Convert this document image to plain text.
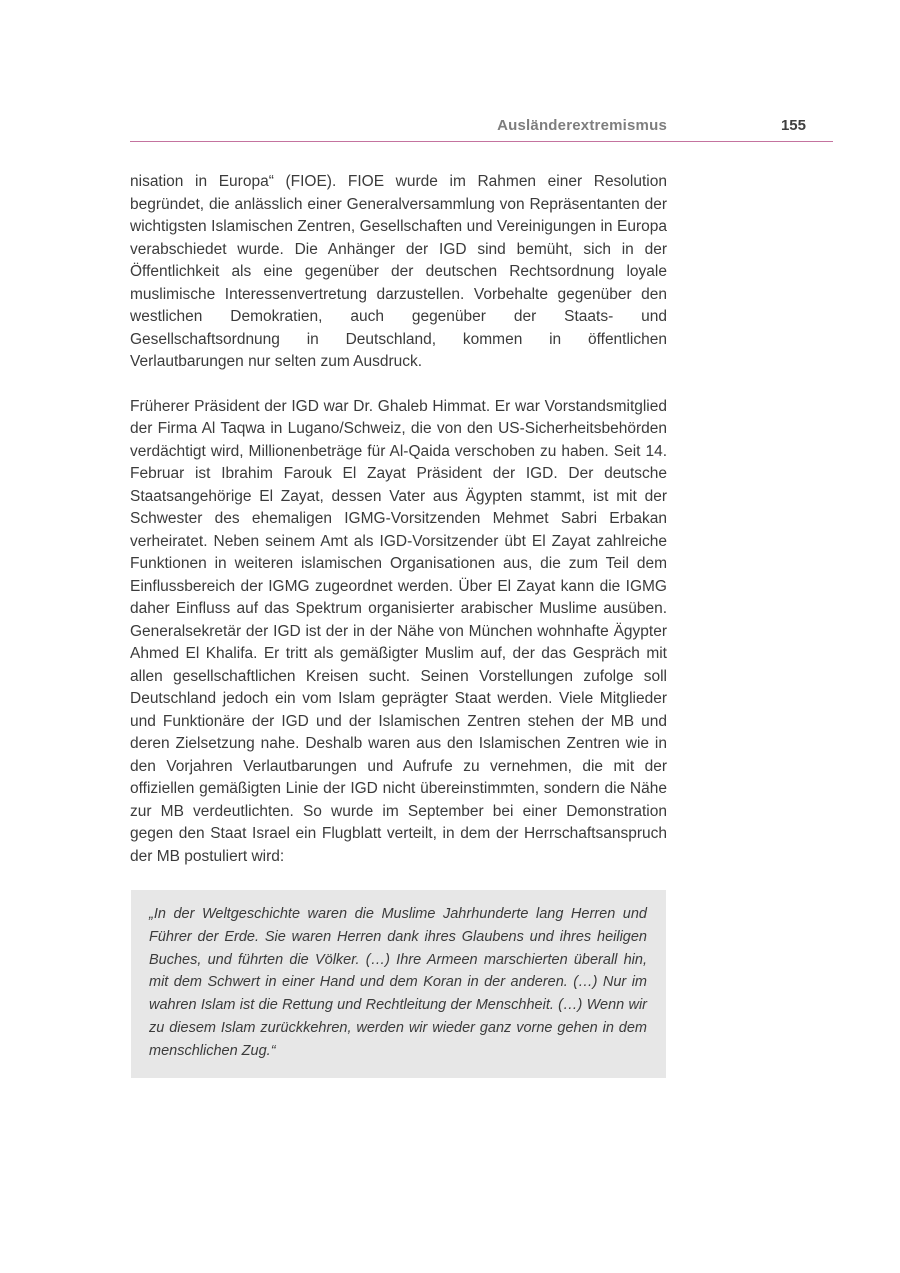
Ausländerextremismus	155

nisation in Europa“ (FIOE). FIOE wurde im Rahmen einer Resolution begründet, die anlässlich einer Generalversammlung von Repräsentanten der wichtigsten Islamischen Zentren, Gesellschaften und Vereinigungen in Europa verabschiedet wurde. Die Anhänger der IGD sind bemüht, sich in der Öffentlichkeit als eine gegenüber der deutschen Rechtsordnung loyale muslimische Interessenvertretung darzustellen. Vorbehalte gegenüber den westlichen Demokratien, auch gegenüber der Staats- und Gesellschaftsordnung in Deutschland, kommen in öffentlichen Verlautbarungen nur selten zum Ausdruck.

Früherer Präsident der IGD war Dr. Ghaleb Himmat. Er war Vorstandsmitglied der Firma Al Taqwa in Lugano/Schweiz, die von den US-Sicherheitsbehörden verdächtigt wird, Millionenbeträge für Al-Qaida verschoben zu haben. Seit 14. Februar ist Ibrahim Farouk El Zayat Präsident der IGD. Der deutsche Staatsangehörige El Zayat, dessen Vater aus Ägypten stammt, ist mit der Schwester des ehemaligen IGMG-Vorsitzenden Mehmet Sabri Erbakan verheiratet. Neben seinem Amt als IGD-Vorsitzender übt El Zayat zahlreiche Funktionen in weiteren islamischen Organisationen aus, die zum Teil dem Einflussbereich der IGMG zugeordnet werden. Über El Zayat kann die IGMG daher Einfluss auf das Spektrum organisierter arabischer Muslime ausüben. Generalsekretär der IGD ist der in der Nähe von München wohnhafte Ägypter Ahmed El Khalifa. Er tritt als gemäßigter Muslim auf, der das Gespräch mit allen gesellschaftlichen Kreisen sucht. Seinen Vorstellungen zufolge soll Deutschland jedoch ein vom Islam geprägter Staat werden. Viele Mitglieder und Funktionäre der IGD und der Islamischen Zentren stehen der MB und deren Zielsetzung nahe. Deshalb waren aus den Islamischen Zentren wie in den Vorjahren Verlautbarungen und Aufrufe zu vernehmen, die mit der offiziellen gemäßigten Linie der IGD nicht übereinstimmten, sondern die Nähe zur MB verdeutlichten. So wurde im September bei einer Demonstration gegen den Staat Israel ein Flugblatt verteilt, in dem der Herrschaftsanspruch der MB postuliert wird:

„In der Weltgeschichte waren die Muslime Jahrhunderte lang Herren und Führer der Erde. Sie waren Herren dank ihres Glaubens und ihres heiligen Buches, und führten die Völker. (…) Ihre Armeen marschierten überall hin, mit dem Schwert in einer Hand und dem Koran in der anderen. (…) Nur im wahren Islam ist die Rettung und Rechtleitung der Menschheit. (…) Wenn wir zu diesem Islam zurückkehren, werden wir wieder ganz vorne gehen in dem menschlichen Zug.“
